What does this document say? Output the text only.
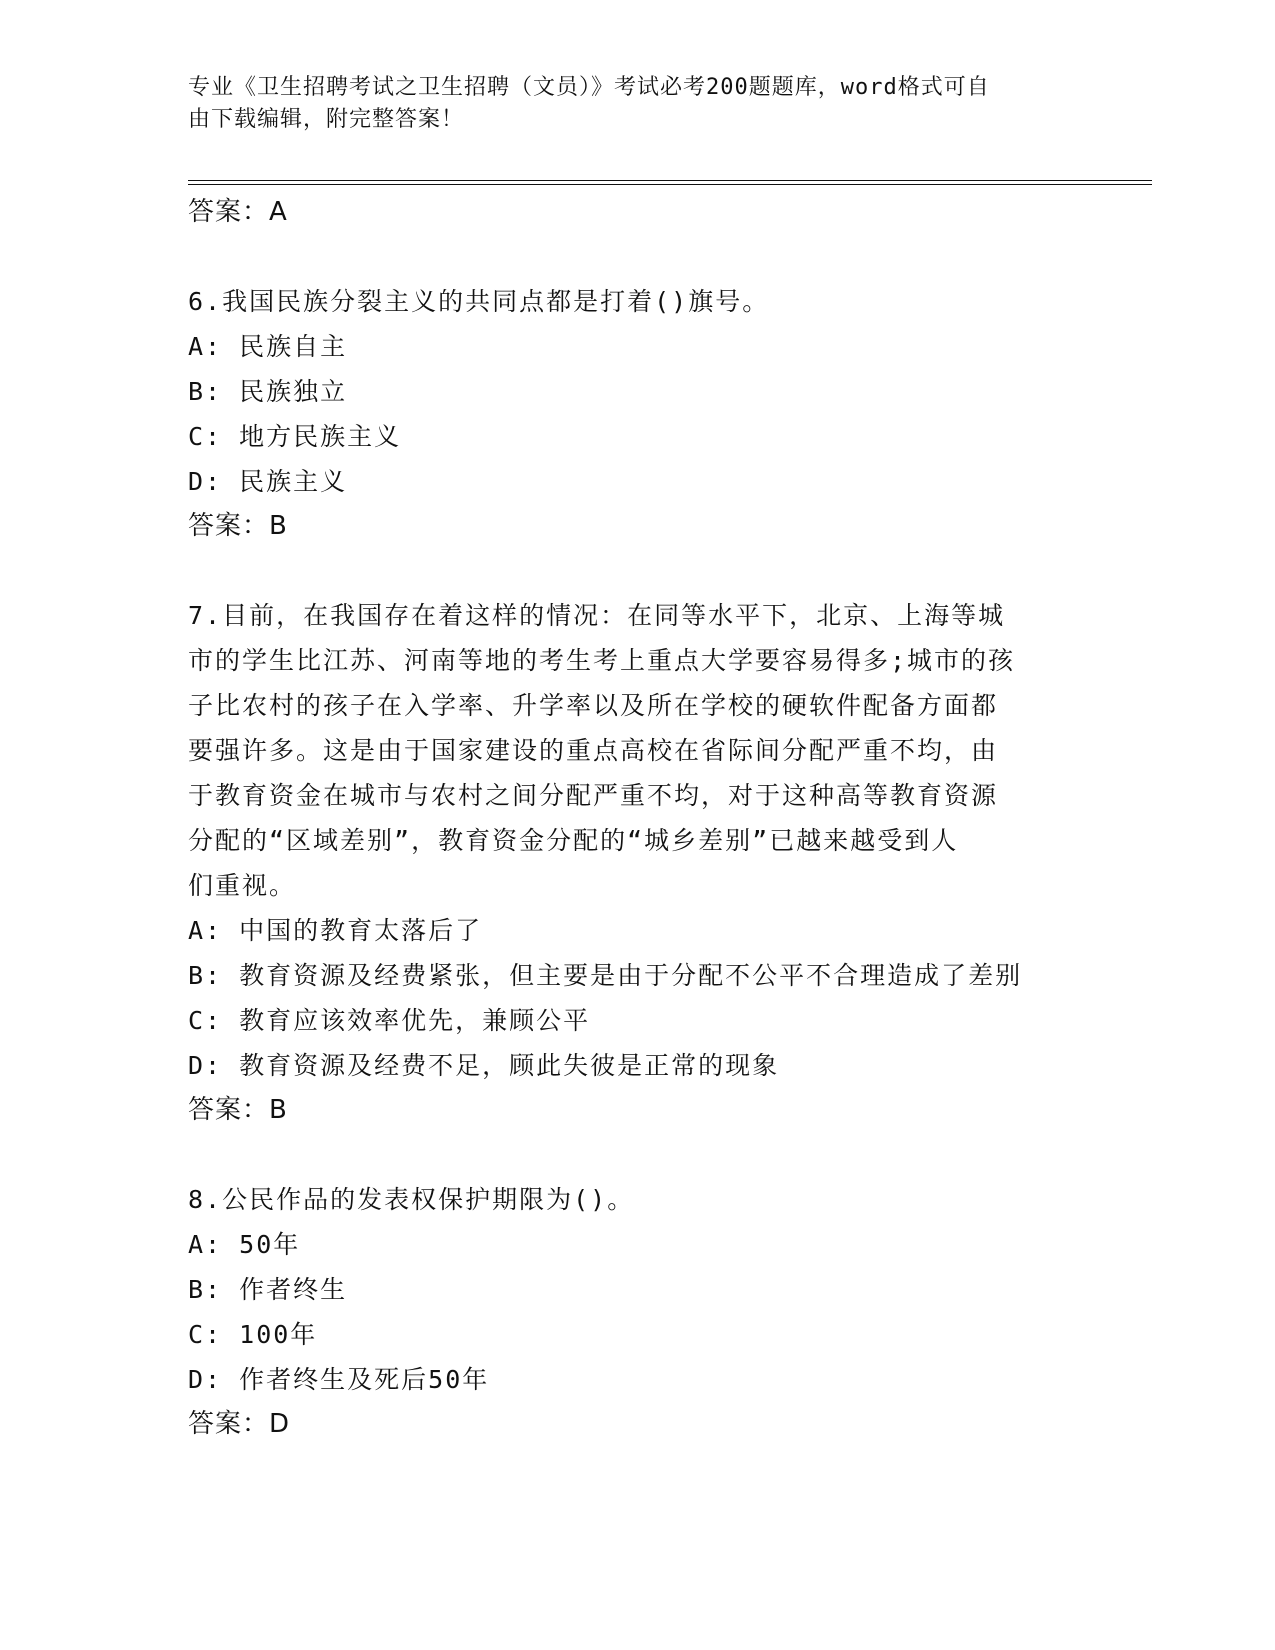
专业《卫生招聘考试之卫生招聘（文员）》考试必考200题题库，word格式可自
由下载编辑，附完整答案！
答案：A
6.我国民族分裂主义的共同点都是打着()旗号。
A: 民族自主
B: 民族独立
C: 地方民族主义
D: 民族主义
答案：B
7.目前，在我国存在着这样的情况：在同等水平下，北京、上海等城
市的学生比江苏、河南等地的考生考上重点大学要容易得多;城市的孩
子比农村的孩子在入学率、升学率以及所在学校的硬软件配备方面都
要强许多。这是由于国家建设的重点高校在省际间分配严重不均，由
于教育资金在城市与农村之间分配严重不均，对于这种高等教育资源
分配的“区域差别”，教育资金分配的“城乡差别”已越来越受到人
们重视。
A: 中国的教育太落后了
B: 教育资源及经费紧张，但主要是由于分配不公平不合理造成了差别
C: 教育应该效率优先，兼顾公平
D: 教育资源及经费不足，顾此失彼是正常的现象
答案：B
8.公民作品的发表权保护期限为()。
A: 50年
B: 作者终生
C: 100年
D: 作者终生及死后50年
答案：D
